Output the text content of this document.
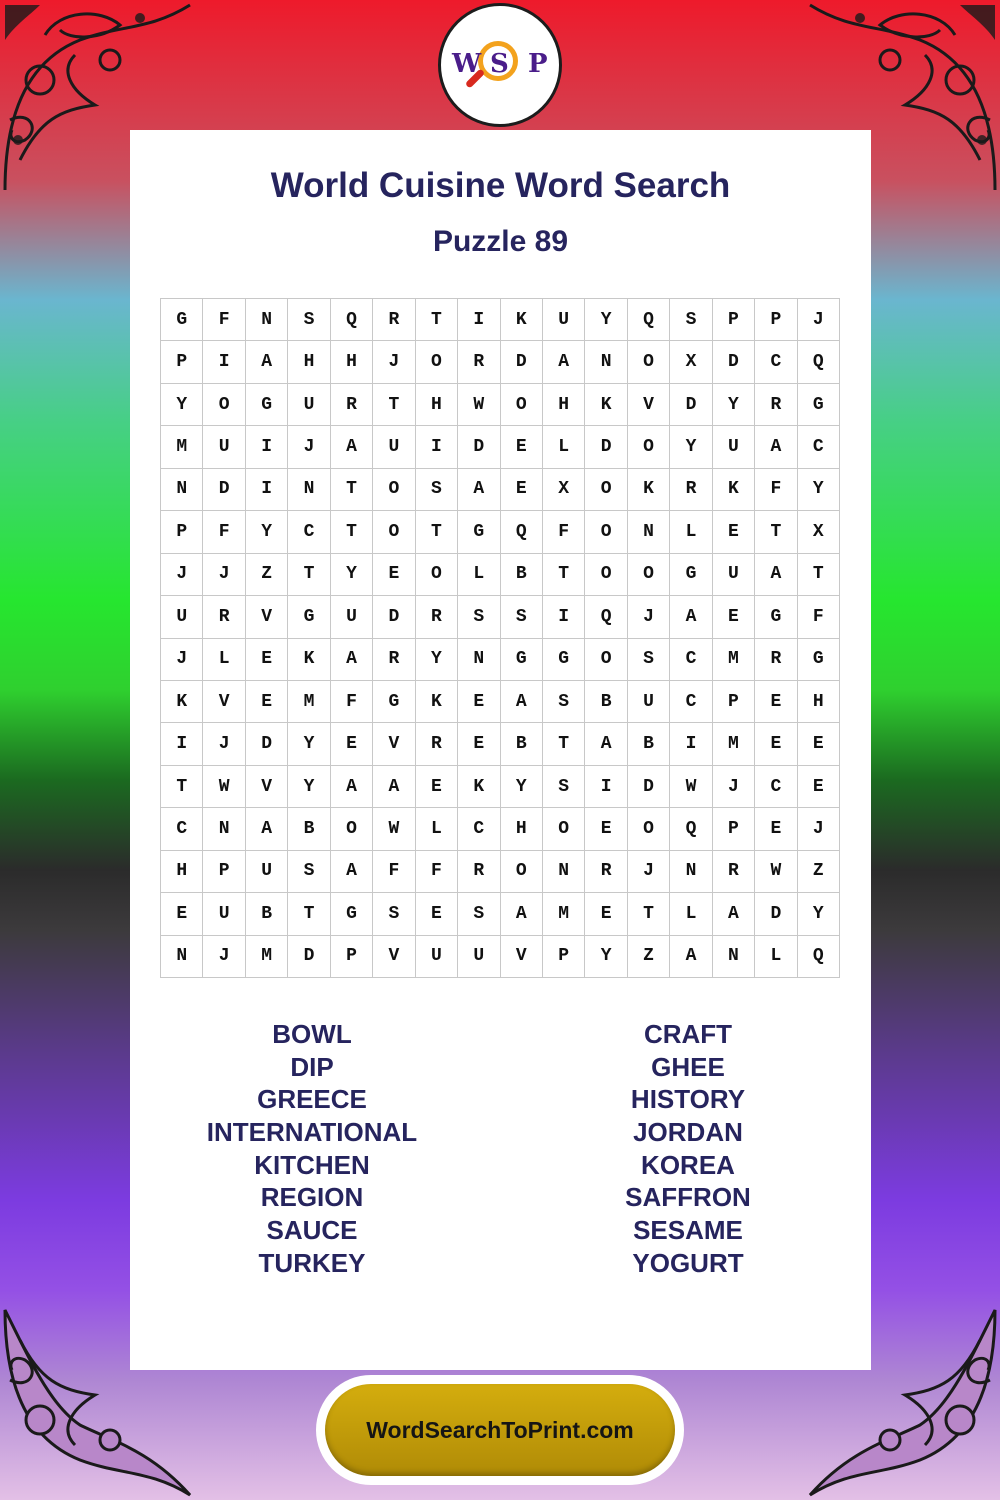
W S P
World Cuisine Word Search
Puzzle 89
G	F	N	S	Q	R	T	I	K	U	Y	Q	S	P	P	J
P	I	A	H	H	J	O	R	D	A	N	O	X	D	C	Q
Y	O	G	U	R	T	H	W	O	H	K	V	D	Y	R	G
M	U	I	J	A	U	I	D	E	L	D	O	Y	U	A	C
N	D	I	N	T	O	S	A	E	X	O	K	R	K	F	Y
P	F	Y	C	T	O	T	G	Q	F	O	N	L	E	T	X
J	J	Z	T	Y	E	O	L	B	T	O	O	G	U	A	T
U	R	V	G	U	D	R	S	S	I	Q	J	A	E	G	F
J	L	E	K	A	R	Y	N	G	G	O	S	C	M	R	G
K	V	E	M	F	G	K	E	A	S	B	U	C	P	E	H
I	J	D	Y	E	V	R	E	B	T	A	B	I	M	E	E
T	W	V	Y	A	A	E	K	Y	S	I	D	W	J	C	E
C	N	A	B	O	W	L	C	H	O	E	O	Q	P	E	J
H	P	U	S	A	F	F	R	O	N	R	J	N	R	W	Z
E	U	B	T	G	S	E	S	A	M	E	T	L	A	D	Y
N	J	M	D	P	V	U	U	V	P	Y	Z	A	N	L	Q
BOWL
DIP
GREECE
INTERNATIONAL
KITCHEN
REGION
SAUCE
TURKEY
CRAFT
GHEE
HISTORY
JORDAN
KOREA
SAFFRON
SESAME
YOGURT
WordSearchToPrint.com
